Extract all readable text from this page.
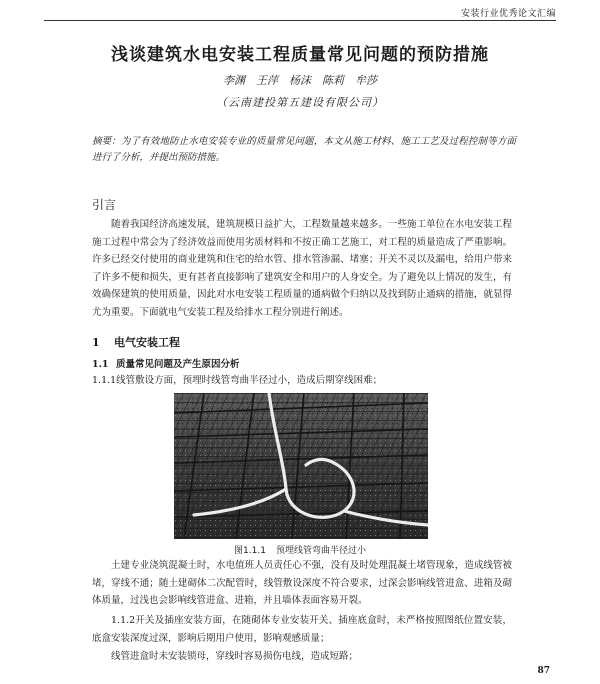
安装行业优秀论文汇编
浅谈建筑水电安装工程质量常见问题的预防措施
李渊　王萍　杨沫　陈莉　牟莎
（云南建投第五建设有限公司）
摘要：为了有效地防止水电安装专业的质量常见问题，本文从施工材料、施工工艺及过程控制等方面进行了分析，并提出预防措施。
引言
随着我国经济高速发展，建筑规模日益扩大，工程数量越来越多。一些施工单位在水电安装工程施工过程中常会为了经济效益而使用劣质材料和不按正确工艺施工，对工程的质量造成了严重影响。许多已经交付使用的商业建筑和住宅的给水管、排水管渗漏、堵塞；开关不灵以及漏电，给用户带来了许多不便和损失，更有甚者直接影响了建筑安全和用户的人身安全。为了避免以上情况的发生，有效确保建筑的使用质量，因此对水电安装工程质量的通病做个归纳以及找到防止通病的措施，就显得尤为重要。下面就电气安装工程及给排水工程分别进行阐述。
1 电气安装工程
1.1 质量常见问题及产生原因分析
1.1.1线管敷设方面，预埋时线管弯曲半径过小，造成后期穿线困难；
图1.1.1 预埋线管弯曲半径过小
土建专业浇筑混凝土时，水电值班人员责任心不强，没有及时处理混凝土堵管现象，造成线管被堵，穿线不通；随土建砌体二次配管时，线管敷设深度不符合要求，过深会影响线管进盒、进箱及砌体质量，过浅也会影响线管进盒、进箱，并且墙体表面容易开裂。
1.1.2开关及插座安装方面，在随砌体专业安装开关、插座底盒时，未严格按照图纸位置安装，底盒安装深度过深，影响后期用户使用，影响观感质量；
线管进盒时未安装锁母，穿线时容易损伤电线，造成短路；
87
